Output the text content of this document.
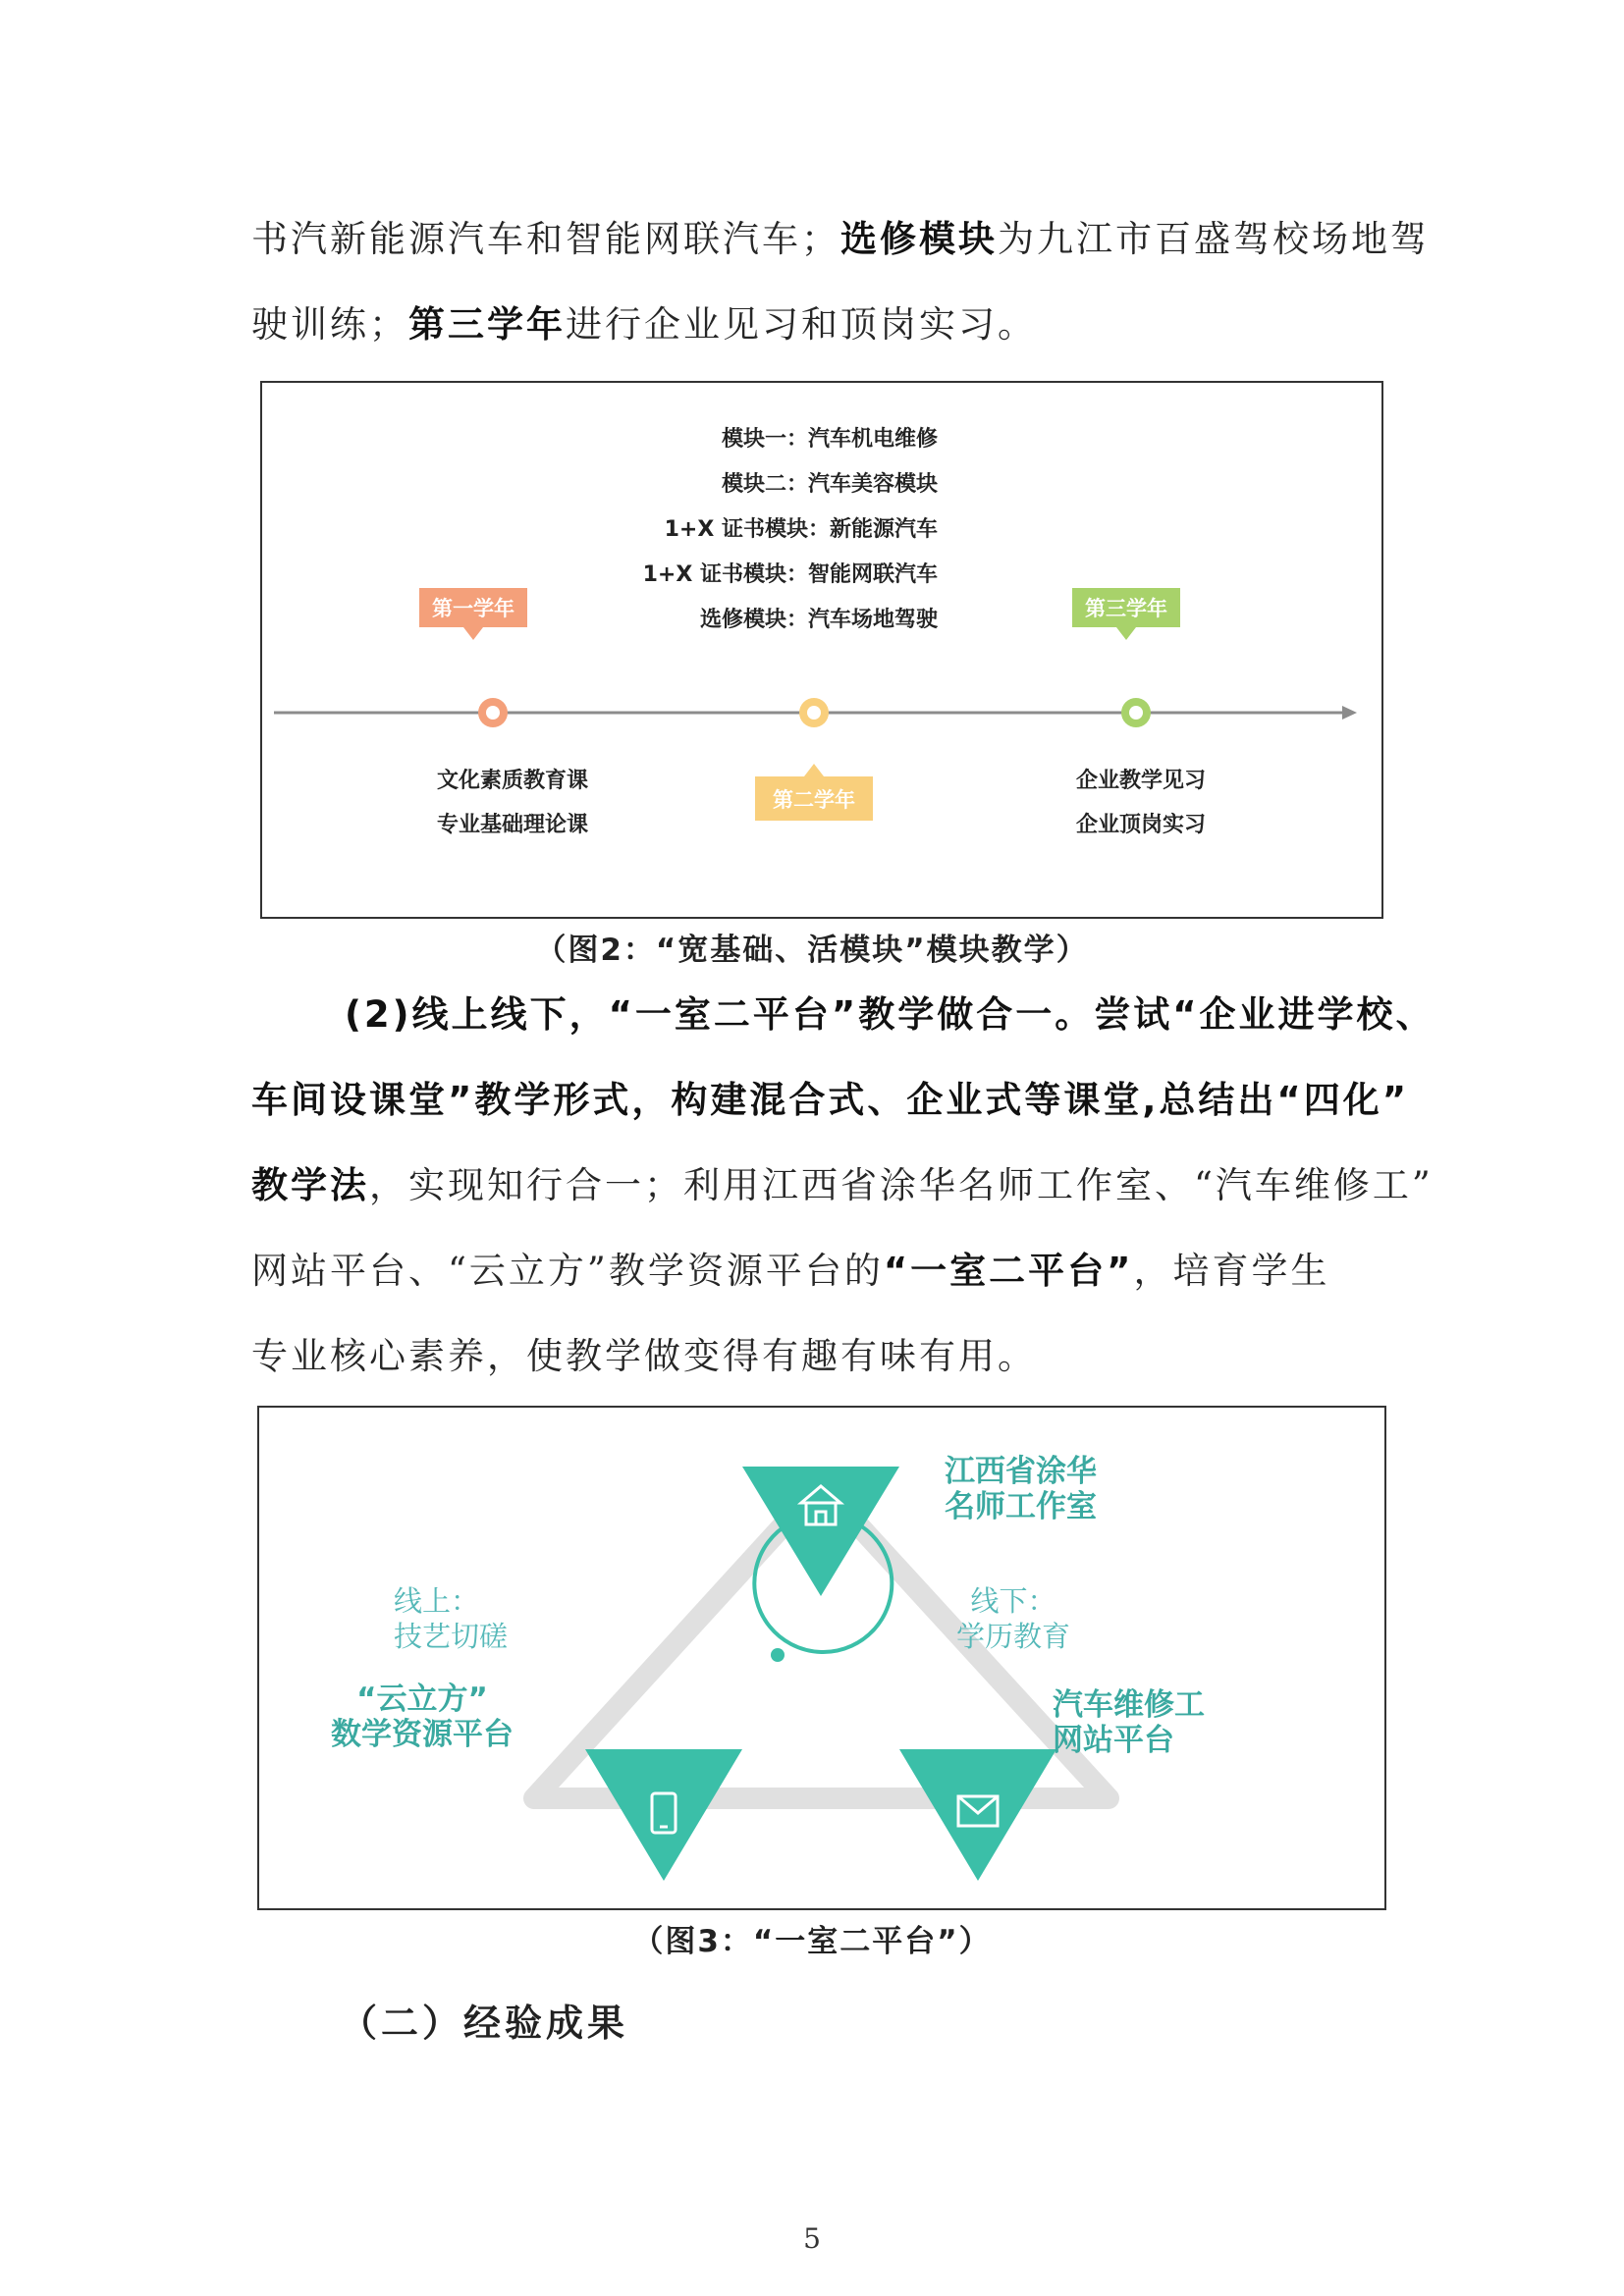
书汽新能源汽车和智能网联汽车；选修模块为九江市百盛驾校场地驾
驶训练；第三学年进行企业见习和顶岗实习。
模块一：汽车机电维修
模块二：汽车美容模块
1+X 证书模块：新能源汽车
1+X 证书模块：智能网联汽车
选修模块：汽车场地驾驶
第一学年	第三学年
文化素质教育课
专业基础理论课
企业教学见习
企业顶岗实习
第二学年
（图2：“宽基础、活模块”模块教学）
(2)线上线下，“一室二平台”教学做合一。尝试“企业进学校、
车间设课堂”教学形式，构建混合式、企业式等课堂,总结出“四化”
教学法，实现知行合一；利用江西省涂华名师工作室、“汽车维修工”
网站平台、“云立方”教学资源平台的“一室二平台”，培育学生
专业核心素养，使教学做变得有趣有味有用。
江西省涂华
名师工作室
“云立方”
数学资源平台
汽车维修工
网站平台
线上：
技艺切磋
线下：
学历教育
（图3：“一室二平台”）
（二）经验成果
5
